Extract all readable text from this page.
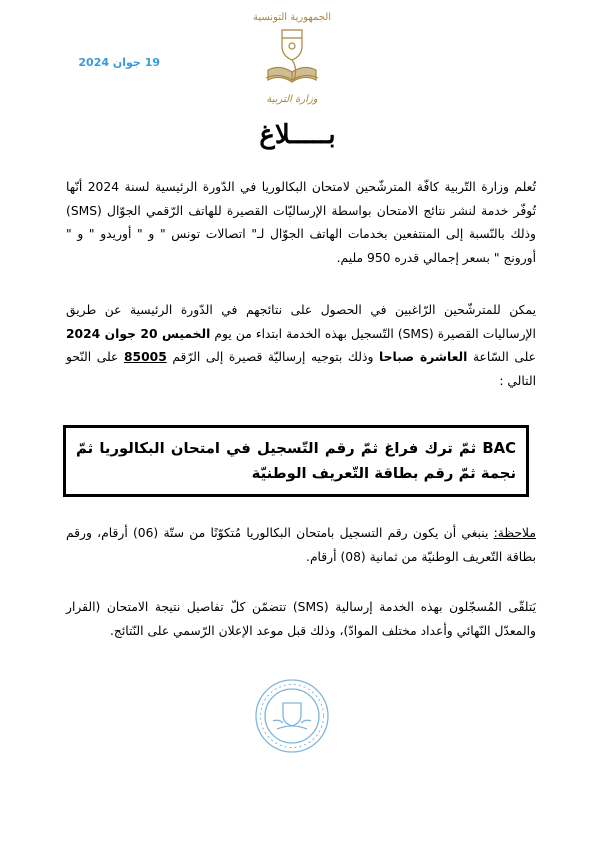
الجمهورية التونسية
وزارة التربية
19 جوان 2024
بـــــلاغ
تُعلم وزارة التّربية كافّة المترشّحين لامتحان البكالوريا في الدّورة الرئيسية لسنة 2024 أنّها تُوفّر خدمة لنشر نتائج الامتحان بواسطة الإرساليّات القصيرة للهاتف الرّقمي الجوّال (SMS) وذلك بالنّسبة إلى المنتفعين بخدمات الهاتف الجوّال لـ" اتصالات تونس " و " أوريدو " و " أورونج " بسعر إجمالي قدره 950 مليم.
يمكن للمترشّحين الرّاغبين في الحصول على نتائجهم في الدّورة الرئيسية عن طريق الإرساليات القصيرة (SMS) التّسجيل بهذه الخدمة ابتداء من يوم الخميس 20 جوان 2024 على السّاعة العاشرة صباحا وذلك بتوجيه إرساليّة قصيرة إلى الرّقم 85005 على النّحو التالي :
BAC ثمّ ترك فراغ ثمّ رقم التّسجيل في امتحان البكالوريا ثمّ نجمة ثمّ رقم بطاقة التّعريف الوطنيّة
ملاحظة: ينبغي أن يكون رقم التسجيل بامتحان البكالوريا مُتكوّنًا من ستّة (06) أرقام، ورقم بطاقة التّعريف الوطنيّة من ثمانية (08) أرقام.
يَتلقّى المُسجّلون بهذه الخدمة إرسالية (SMS) تتضمّن كلّ تفاصيل نتيجة الامتحان (القرار والمعدّل النّهائي وأعداد مختلف الموادّ)، وذلك قبل موعد الإعلان الرّسمي على النّتائج.
